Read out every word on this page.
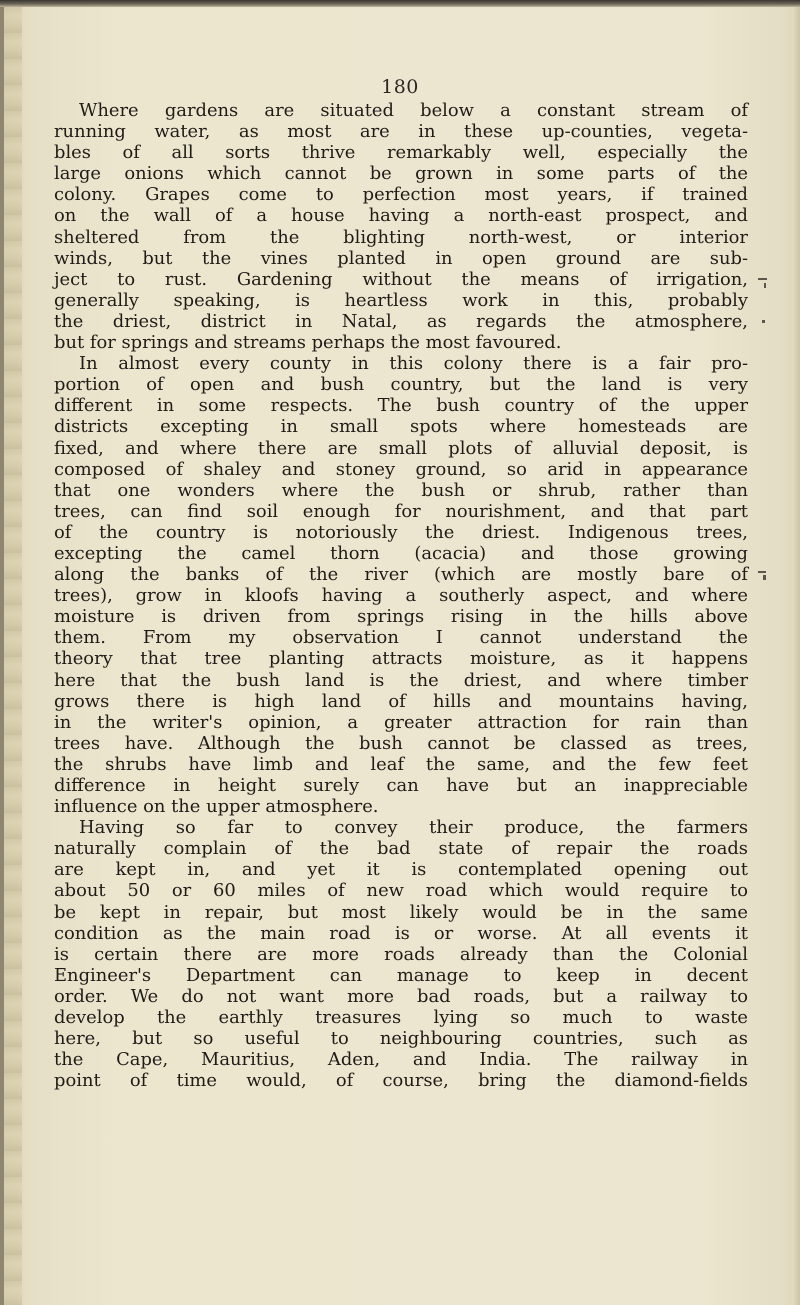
180
Where gardens are situated below a constant stream of
running water, as most are in these up-counties, vegeta-
bles of all sorts thrive remarkably well, especially the
large onions which cannot be grown in some parts of the
colony. Grapes come to perfection most years, if trained
on the wall of a house having a north-east prospect, and
sheltered from the blighting north-west, or interior
winds, but the vines planted in open ground are sub-
ject to rust. Gardening without the means of irrigation,
generally speaking, is heartless work in this, probably
the driest, district in Natal, as regards the atmosphere,
but for springs and streams perhaps the most favoured.
In almost every county in this colony there is a fair pro-
portion of open and bush country, but the land is very
different in some respects. The bush country of the upper
districts excepting in small spots where homesteads are
fixed, and where there are small plots of alluvial deposit, is
composed of shaley and stoney ground, so arid in appearance
that one wonders where the bush or shrub, rather than
trees, can find soil enough for nourishment, and that part
of the country is notoriously the driest. Indigenous trees,
excepting the camel thorn (acacia) and those growing
along the banks of the river (which are mostly bare of
trees), grow in kloofs having a southerly aspect, and where
moisture is driven from springs rising in the hills above
them. From my observation I cannot understand the
theory that tree planting attracts moisture, as it happens
here that the bush land is the driest, and where timber
grows there is high land of hills and mountains having,
in the writer's opinion, a greater attraction for rain than
trees have. Although the bush cannot be classed as trees,
the shrubs have limb and leaf the same, and the few feet
difference in height surely can have but an inappreciable
influence on the upper atmosphere.
Having so far to convey their produce, the farmers
naturally complain of the bad state of repair the roads
are kept in, and yet it is contemplated opening out
about 50 or 60 miles of new road which would require to
be kept in repair, but most likely would be in the same
condition as the main road is or worse. At all events it
is certain there are more roads already than the Colonial
Engineer's Department can manage to keep in decent
order. We do not want more bad roads, but a railway to
develop the earthly treasures lying so much to waste
here, but so useful to neighbouring countries, such as
the Cape, Mauritius, Aden, and India. The railway in
point of time would, of course, bring the diamond-fields
